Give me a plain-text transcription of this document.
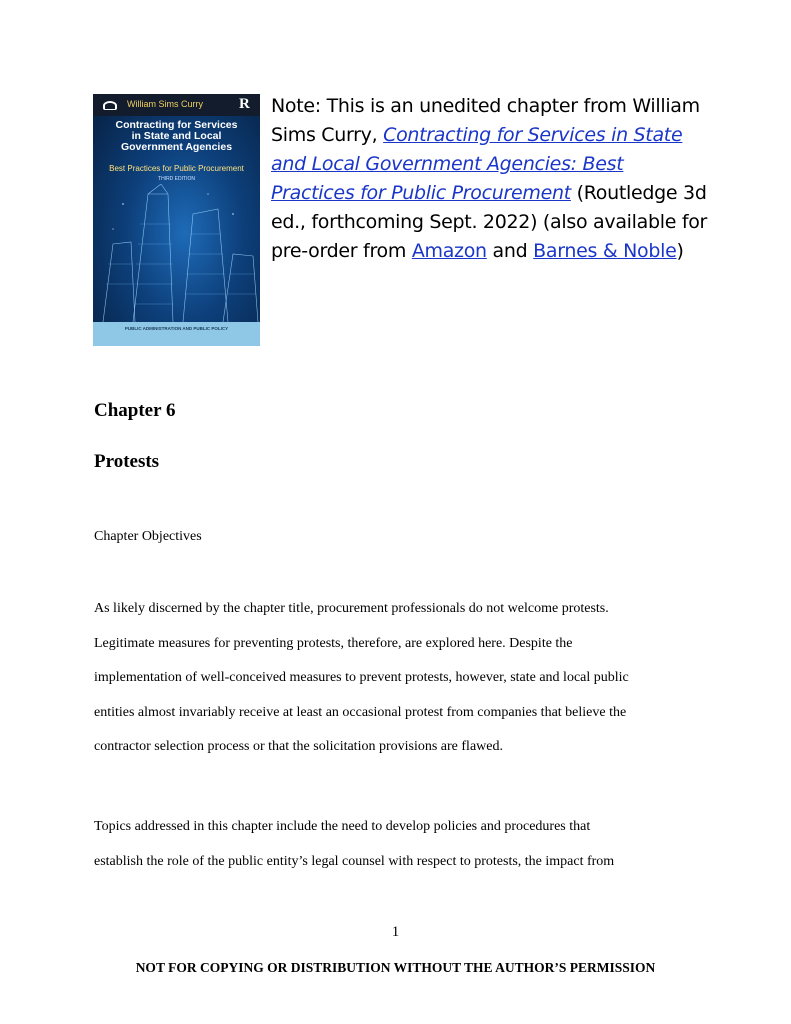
William Sims Curry R
Contracting for Services
in State and Local
Government Agencies
Best Practices for Public Procurement
THIRD EDITION
PUBLIC ADMINISTRATION AND PUBLIC POLICY
Note: This is an unedited chapter from William Sims Curry, Contracting for Services in State and Local Government Agencies: Best Practices for Public Procurement (Routledge 3d ed., forthcoming Sept. 2022) (also available for pre-order from Amazon and Barnes & Noble)
Chapter 6
Protests
Chapter Objectives
As likely discerned by the chapter title, procurement professionals do not welcome protests.
Legitimate measures for preventing protests, therefore, are explored here. Despite the
implementation of well-conceived measures to prevent protests, however, state and local public
entities almost invariably receive at least an occasional protest from companies that believe the
contractor selection process or that the solicitation provisions are flawed.
Topics addressed in this chapter include the need to develop policies and procedures that
establish the role of the public entity’s legal counsel with respect to protests, the impact from
1
NOT FOR COPYING OR DISTRIBUTION WITHOUT THE AUTHOR’S PERMISSION
